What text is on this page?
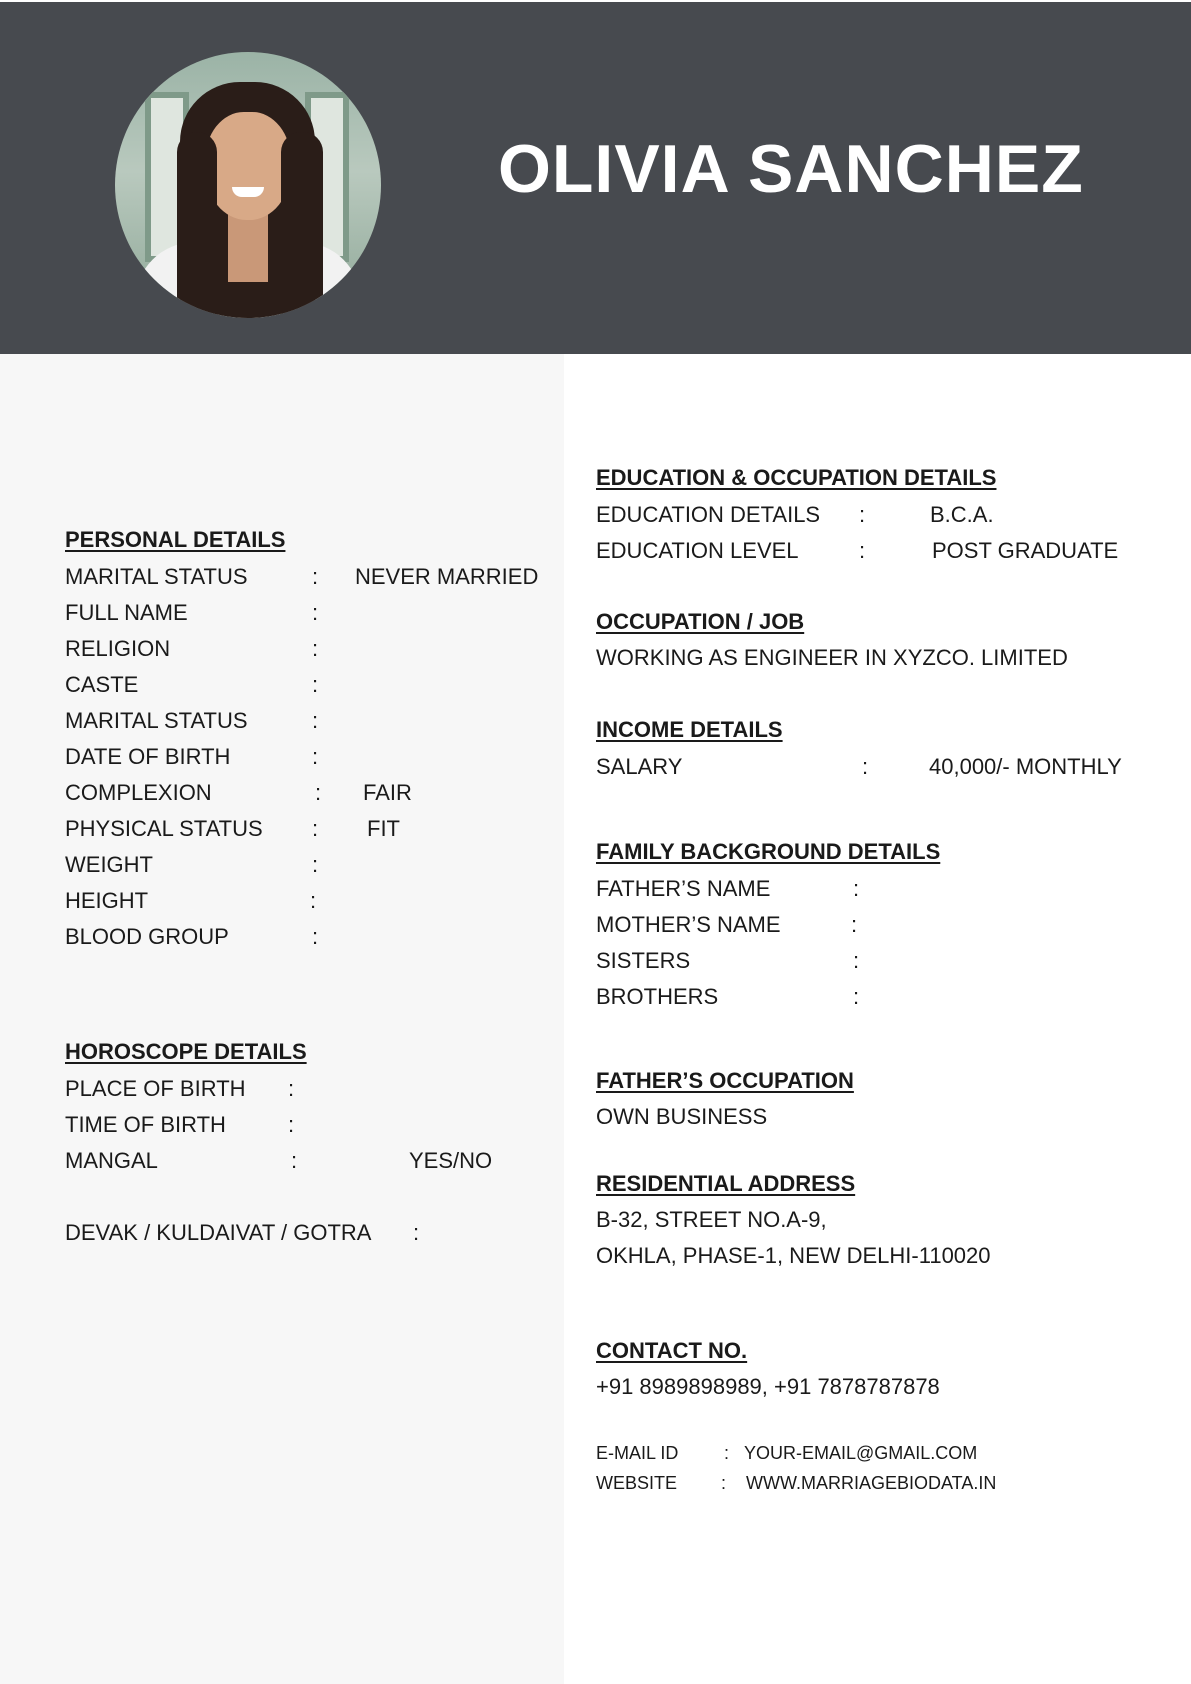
OLIVIA SANCHEZ
PERSONAL DETAILS
MARITAL STATUS	: NEVER MARRIED
FULL NAME	:
RELIGION	:
CASTE	:
MARITAL STATUS	:
DATE OF BIRTH	:
COMPLEXION	: FAIR
PHYSICAL STATUS : FIT
WEIGHT	:
HEIGHT	:
BLOOD GROUP	:
HOROSCOPE DETAILS
PLACE OF BIRTH :
TIME OF BIRTH	:
MANGAL	:	YES/NO
DEVAK / KULDAIVAT / GOTRA :
EDUCATION & OCCUPATION DETAILS
EDUCATION DETAILS :	B.C.A.
EDUCATION LEVEL	:	POST GRADUATE
OCCUPATION / JOB
WORKING AS ENGINEER IN XYZCO. LIMITED
INCOME DETAILS
SALARY	:	40,000/- MONTHLY
FAMILY BACKGROUND DETAILS
FATHER’S NAME	:
MOTHER’S NAME	:
SISTERS	:
BROTHERS	:
FATHER’S OCCUPATION
OWN BUSINESS
RESIDENTIAL ADDRESS
B-32, STREET NO.A-9,
OKHLA, PHASE-1, NEW DELHI-110020
CONTACT NO.
+91 8989898989, +91 7878787878
E-MAIL ID	: YOUR-EMAIL@GMAIL.COM
WEBSITE : WWW.MARRIAGEBIODATA.IN
